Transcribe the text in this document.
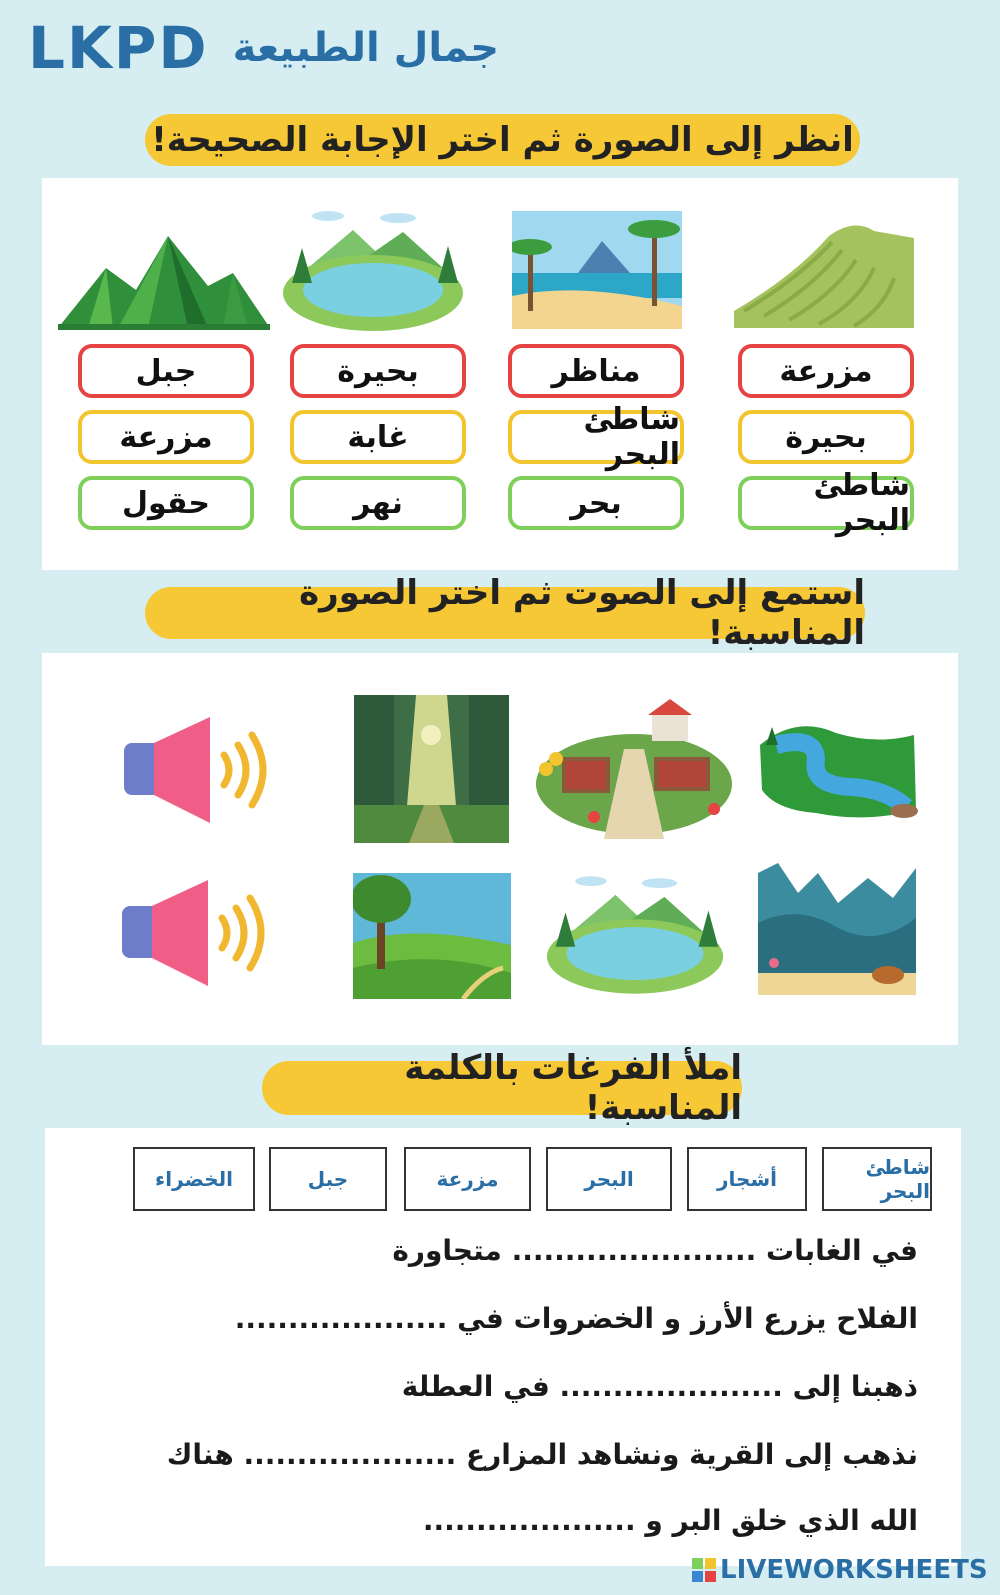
LKPD جمال الطبيعة
انظر إلى الصورة ثم اختر الإجابة الصحيحة!
جبل
مزرعة
حقول
بحيرة
غابة
نهر
مناظر
شاطئ البحر
بحر
مزرعة
بحيرة
شاطئ البحر
استمع إلى الصوت ثم اختر الصورة المناسبة!
املأ الفرغات بالكلمة المناسبة!
شاطئ البحر
أشجار
البحر
مزرعة
جبل
الخضراء
في الغابات ....................... متجاورة
الفلاح يزرع الأرز و الخضروات في ....................
ذهبنا إلى ..................... في العطلة
نذهب إلى القرية ونشاهد المزارع .................... هناك
الله الذي خلق البر و ....................
LIVEWORKSHEETS
